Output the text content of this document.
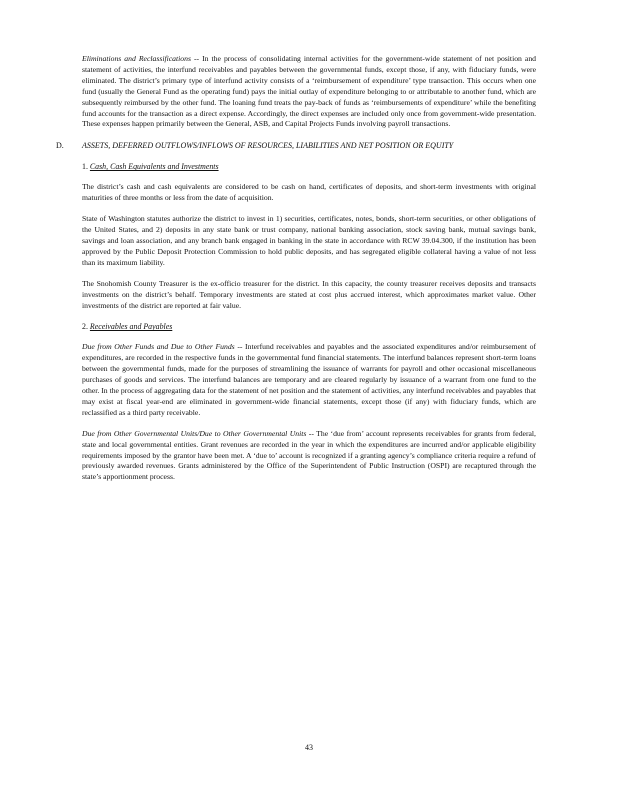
Eliminations and Reclassifications -- In the process of consolidating internal activities for the government-wide statement of net position and statement of activities, the interfund receivables and payables between the governmental funds, except those, if any, with fiduciary funds, were eliminated. The district’s primary type of interfund activity consists of a ‘reimbursement of expenditure’ type transaction. This occurs when one fund (usually the General Fund as the operating fund) pays the initial outlay of expenditure belonging to or attributable to another fund, which are subsequently reimbursed by the other fund. The loaning fund treats the pay-back of funds as ‘reimbursements of expenditure’ while the benefiting fund accounts for the transaction as a direct expense. Accordingly, the direct expenses are included only once from government-wide presentation. These expenses happen primarily between the General, ASB, and Capital Projects Funds involving payroll transactions.

D. ASSETS, DEFERRED OUTFLOWS/INFLOWS OF RESOURCES, LIABILITIES AND NET POSITION OR EQUITY

1. Cash, Cash Equivalents and Investments

The district’s cash and cash equivalents are considered to be cash on hand, certificates of deposits, and short-term investments with original maturities of three months or less from the date of acquisition.

State of Washington statutes authorize the district to invest in 1) securities, certificates, notes, bonds, short-term securities, or other obligations of the United States, and 2) deposits in any state bank or trust company, national banking association, stock saving bank, mutual savings bank, savings and loan association, and any branch bank engaged in banking in the state in accordance with RCW 39.04.300, if the institution has been approved by the Public Deposit Protection Commission to hold public deposits, and has segregated eligible collateral having a value of not less than its maximum liability.

The Snohomish County Treasurer is the ex-officio treasurer for the district. In this capacity, the county treasurer receives deposits and transacts investments on the district’s behalf. Temporary investments are stated at cost plus accrued interest, which approximates market value. Other investments of the district are reported at fair value.

2. Receivables and Payables

Due from Other Funds and Due to Other Funds -- Interfund receivables and payables and the associated expenditures and/or reimbursement of expenditures, are recorded in the respective funds in the governmental fund financial statements. The interfund balances represent short-term loans between the governmental funds, made for the purposes of streamlining the issuance of warrants for payroll and other occasional miscellaneous purchases of goods and services. The interfund balances are temporary and are cleared regularly by issuance of a warrant from one fund to the other. In the process of aggregating data for the statement of net position and the statement of activities, any interfund receivables and payables that may exist at fiscal year-end are eliminated in government-wide financial statements, except those (if any) with fiduciary funds, which are reclassified as a third party receivable.

Due from Other Governmental Units/Due to Other Governmental Units -- The ‘due from’ account represents receivables for grants from federal, state and local governmental entities. Grant revenues are recorded in the year in which the expenditures are incurred and/or applicable eligibility requirements imposed by the grantor have been met. A ‘due to’ account is recognized if a granting agency’s compliance criteria require a refund of previously awarded revenues. Grants administered by the Office of the Superintendent of Public Instruction (OSPI) are recaptured through the state’s apportionment process.

43
